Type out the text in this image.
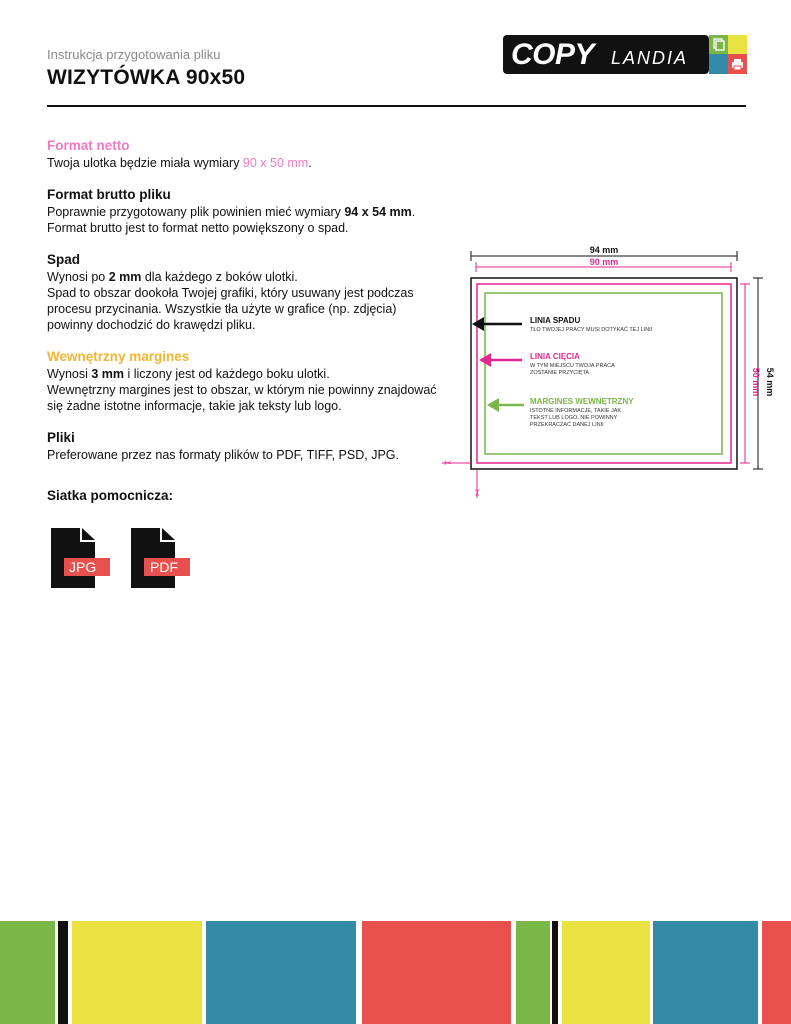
Instrukcja przygotowania pliku
WIZYTÓWKA 90x50
COPY LANDIA
Format netto

Twoja ulotka będzie miała wymiary 90 x 50 mm.

Format brutto pliku

Poprawnie przygotowany plik powinien mieć wymiary 94 x 54 mm.

Format brutto jest to format netto powiększony o spad.

Spad

Wynosi po 2 mm dla każdego z boków ulotki.

Spad to obszar dookoła Twojej grafiki, który usuwany jest podczas procesu przycinania. Wszystkie tła użyte w grafice (np. zdjęcia) powinny dochodzić do krawędzi pliku.

Wewnętrzny margines

Wynosi 3 mm i liczony jest od każdego boku ulotki.

Wewnętrzny margines jest to obszar, w którym nie powinny znajdować się żadne istotne informacje, takie jak teksty lub logo.

Pliki

Preferowane przez nas formaty plików to PDF, TIFF, PSD, JPG.

Siatka pomocnicza:
JPG	PDF
94 mm
90 mm
54 mm
50 mm
✂
✂
LINIA SPADU
TŁO TWOJEJ PRACY MUSI DOTYKAĆ TEJ LINII
LINIA CIĘCIA
W TYM MIEJSCU TWOJA PRACA
ZOSTANIE PRZYCIĘTA
MARGINES WEWNĘTRZNY
ISTOTNE INFORMACJE, TAKIE JAK
TEKST LUB LOGO, NIE POWINNY
PRZEKRACZAĆ DANEJ LINII
